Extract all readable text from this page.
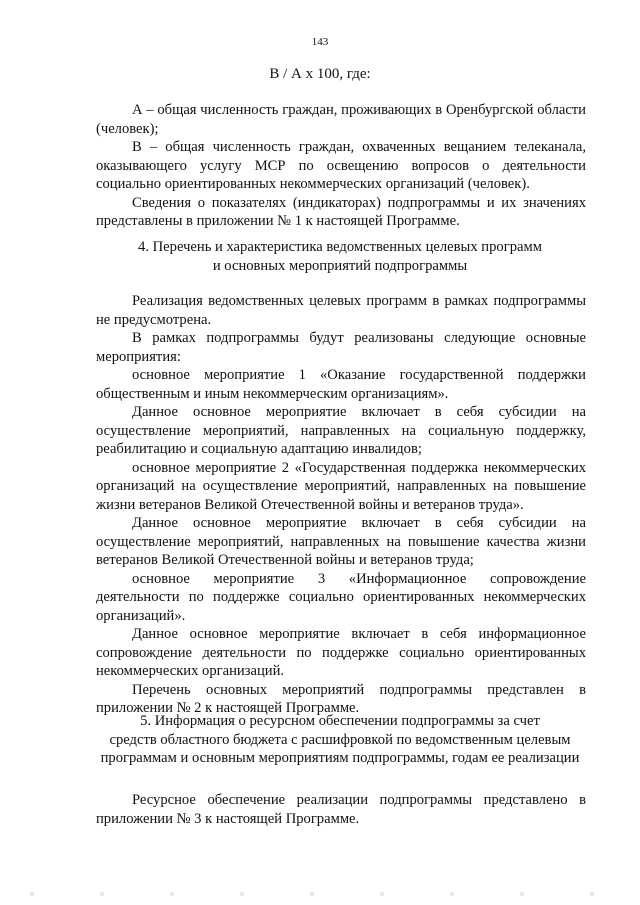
143
В / А х 100, где:

А – общая численность граждан, проживающих в Оренбургской области (человек);

В – общая численность граждан, охваченных вещанием телеканала, оказывающего услугу МСР по освещению вопросов о деятельности социально ориентированных некоммерческих организаций (человек).

Сведения о показателях (индикаторах) подпрограммы и их значениях представлены в приложении № 1 к настоящей Программе.

4. Перечень и характеристика ведомственных целевых программ
и основных мероприятий подпрограммы

Реализация ведомственных целевых программ в рамках подпрограммы не предусмотрена.

В рамках подпрограммы будут реализованы следующие основные мероприятия:

основное мероприятие 1 «Оказание государственной поддержки общественным и иным некоммерческим организациям».

Данное основное мероприятие включает в себя субсидии на осуществление мероприятий, направленных на социальную поддержку, реабилитацию и социальную адаптацию инвалидов;

основное мероприятие 2 «Государственная поддержка некоммерческих организаций на осуществление мероприятий, направленных на повышение жизни ветеранов Великой Отечественной войны и ветеранов труда».

Данное основное мероприятие включает в себя субсидии на осуществление мероприятий, направленных на повышение качества жизни ветеранов Великой Отечественной войны и ветеранов труда;

основное мероприятие 3 «Информационное сопровождение деятельности по поддержке социально ориентированных некоммерческих организаций».

Данное основное мероприятие включает в себя информационное сопровождение деятельности по поддержке социально ориентированных некоммерческих организаций.

Перечень основных мероприятий подпрограммы представлен в приложении № 2 к настоящей Программе.

5. Информация о ресурсном обеспечении подпрограммы за счет
средств областного бюджета с расшифровкой по ведомственным целевым
программам и основным мероприятиям подпрограммы, годам ее реализации

Ресурсное обеспечение реализации подпрограммы представлено в приложении № 3 к настоящей Программе.
